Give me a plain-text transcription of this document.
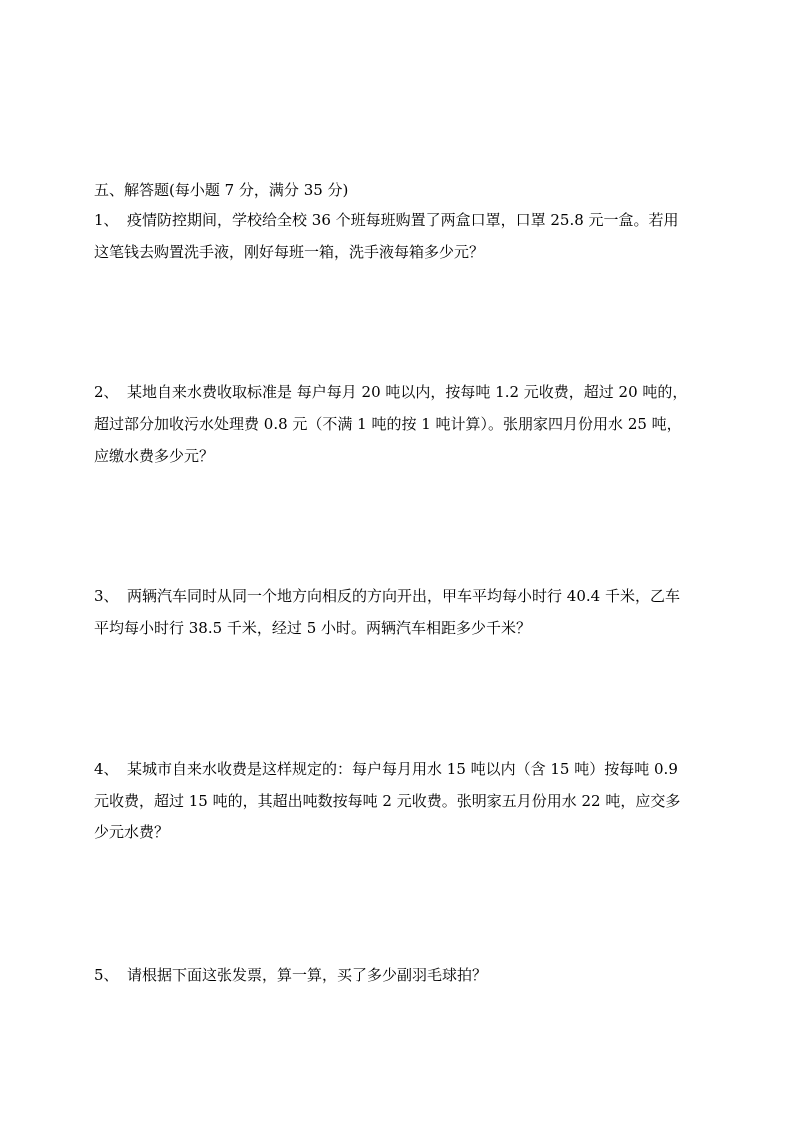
五、解答题(每小题 7 分，满分 35 分)
1、 疫情防控期间，学校给全校 36 个班每班购置了两盒口罩，口罩 25.8 元一盒。若用
这笔钱去购置洗手液，刚好每班一箱，洗手液每箱多少元？
2、 某地自来水费收取标准是 每户每月 20 吨以内，按每吨 1.2 元收费，超过 20 吨的，
超过部分加收污水处理费 0.8 元（不满 1 吨的按 1 吨计算）。张朋家四月份用水 25 吨，
应缴水费多少元？
3、 两辆汽车同时从同一个地方向相反的方向开出，甲车平均每小时行 40.4 千米，乙车
平均每小时行 38.5 千米，经过 5 小时。两辆汽车相距多少千米？
4、 某城市自来水收费是这样规定的：每户每月用水 15 吨以内（含 15 吨）按每吨 0.9
元收费，超过 15 吨的，其超出吨数按每吨 2 元收费。张明家五月份用水 22 吨，应交多
少元水费？
5、 请根据下面这张发票，算一算，买了多少副羽毛球拍？
